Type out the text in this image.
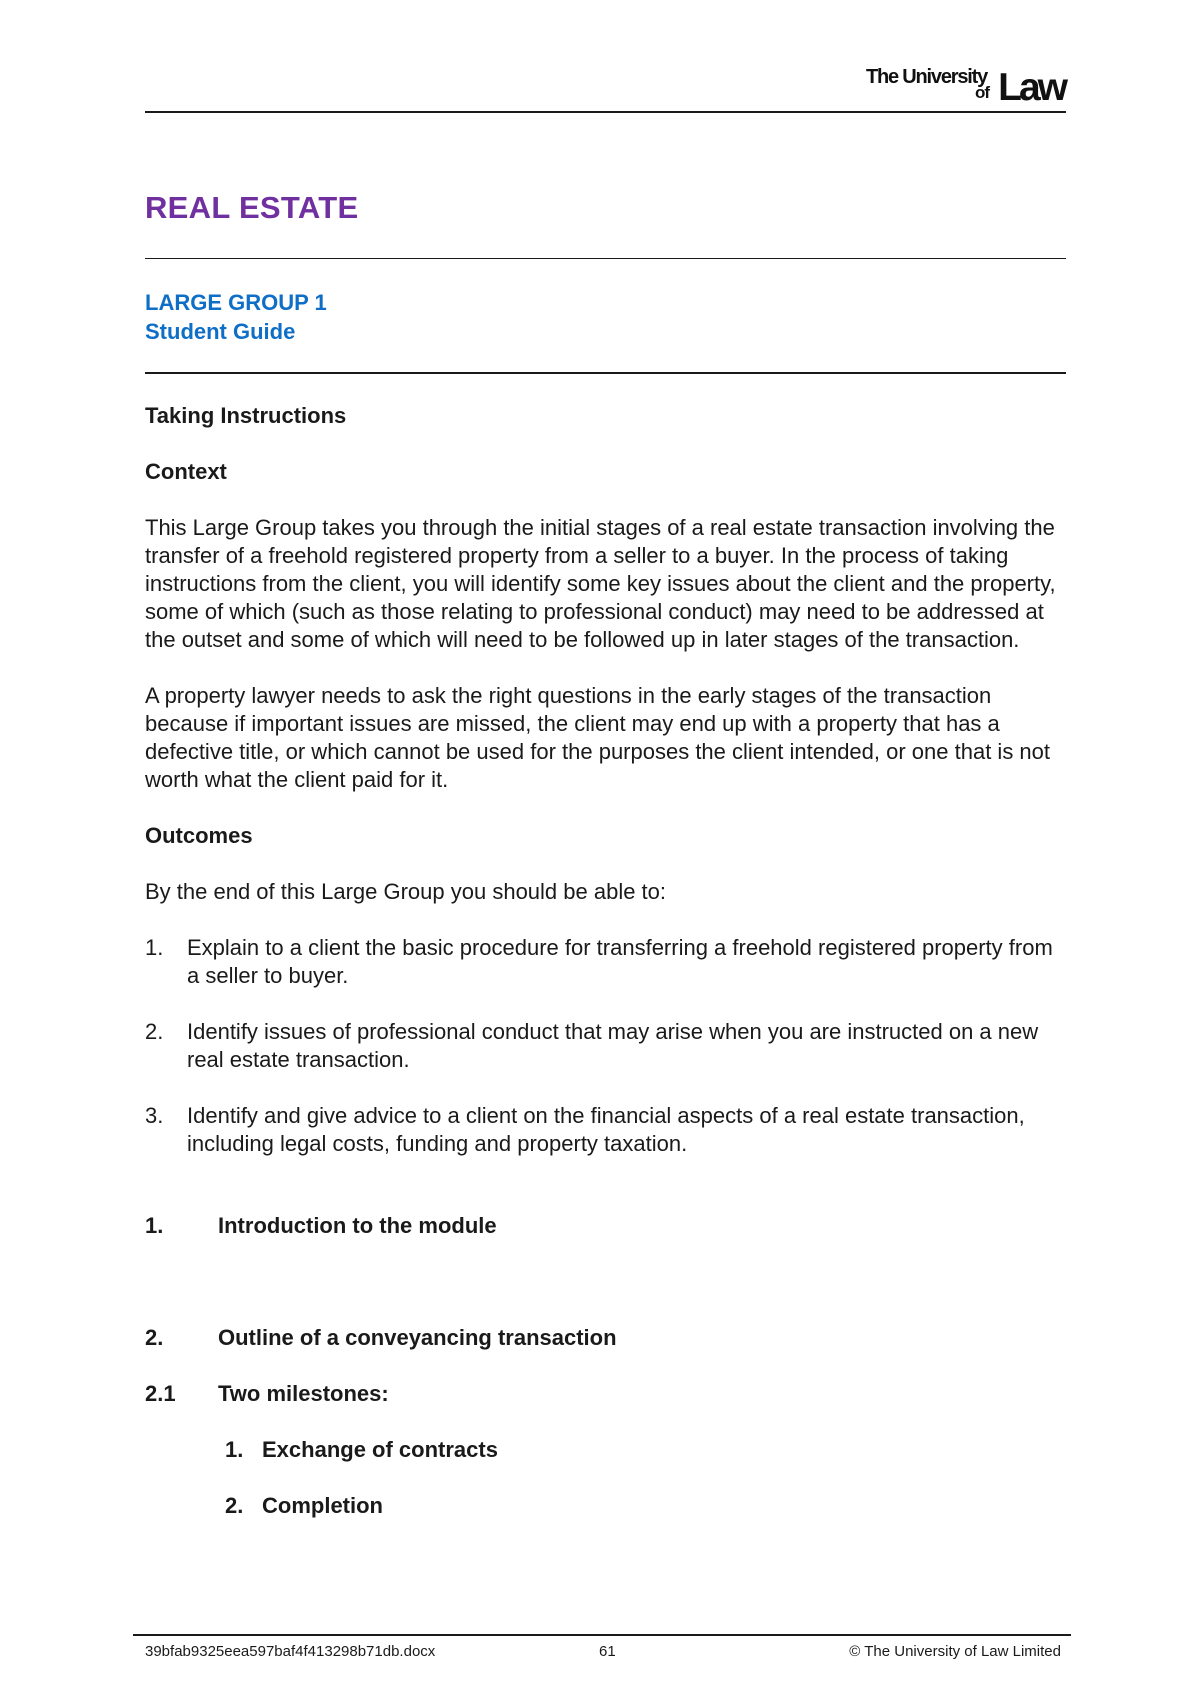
The University
of Law
REAL ESTATE
LARGE GROUP 1
Student Guide

Taking Instructions

Context

This Large Group takes you through the initial stages of a real estate transaction involving the transfer of a freehold registered property from a seller to a buyer. In the process of taking instructions from the client, you will identify some key issues about the client and the property, some of which (such as those relating to professional conduct) may need to be addressed at the outset and some of which will need to be followed up in later stages of the transaction.

A property lawyer needs to ask the right questions in the early stages of the transaction because if important issues are missed, the client may end up with a property that has a defective title, or which cannot be used for the purposes the client intended, or one that is not worth what the client paid for it.

Outcomes

By the end of this Large Group you should be able to:

1. Explain to a client the basic procedure for transferring a freehold registered property from a seller to buyer.
2. Identify issues of professional conduct that may arise when you are instructed on a new real estate transaction.
3. Identify and give advice to a client on the financial aspects of a real estate transaction, including legal costs, funding and property taxation.

1. Introduction to the module

2. Outline of a conveyancing transaction

2.1 Two milestones:

1. Exchange of contracts

2. Completion

39bfab9325eea597baf4f413298b71db.docx	61	© The University of Law Limited
